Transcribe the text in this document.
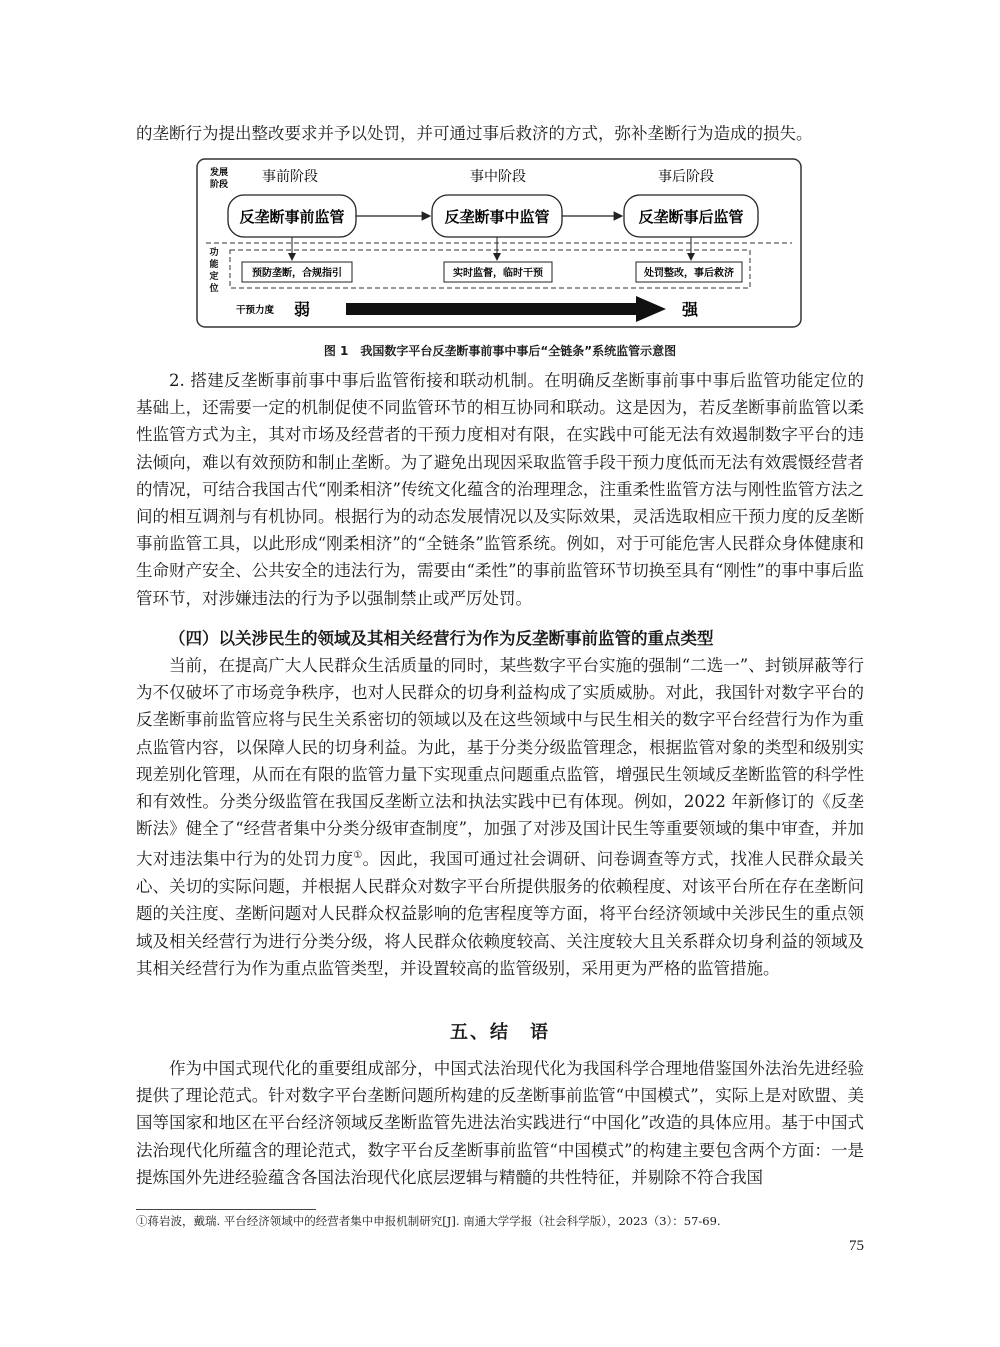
的垄断行为提出整改要求并予以处罚，并可通过事后救济的方式，弥补垄断行为造成的损失。
发展
阶段 事前阶段	事中阶段	事后阶段
反垄断事前监管	反垄断事中监管	反垄断事后监管
功
能
定
位
预防垄断，合规指引	实时监督，临时干预	处罚整改，事后救济
干预力度 弱	强
图 1　我国数字平台反垄断事前事中事后“全链条”系统监管示意图
2. 搭建反垄断事前事中事后监管衔接和联动机制。在明确反垄断事前事中事后监管功能定位的基础上，还需要一定的机制促使不同监管环节的相互协同和联动。这是因为，若反垄断事前监管以柔性监管方式为主，其对市场及经营者的干预力度相对有限，在实践中可能无法有效遏制数字平台的违法倾向，难以有效预防和制止垄断。为了避免出现因采取监管手段干预力度低而无法有效震慑经营者的情况，可结合我国古代“刚柔相济”传统文化蕴含的治理理念，注重柔性监管方法与刚性监管方法之间的相互调剂与有机协同。根据行为的动态发展情况以及实际效果，灵活选取相应干预力度的反垄断事前监管工具，以此形成“刚柔相济”的“全链条”监管系统。例如，对于可能危害人民群众身体健康和生命财产安全、公共安全的违法行为，需要由“柔性”的事前监管环节切换至具有“刚性”的事中事后监管环节，对涉嫌违法的行为予以强制禁止或严厉处罚。
（四）以关涉民生的领域及其相关经营行为作为反垄断事前监管的重点类型
当前，在提高广大人民群众生活质量的同时，某些数字平台实施的强制“二选一”、封锁屏蔽等行为不仅破坏了市场竞争秩序，也对人民群众的切身利益构成了实质威胁。对此，我国针对数字平台的反垄断事前监管应将与民生关系密切的领域以及在这些领域中与民生相关的数字平台经营行为作为重点监管内容，以保障人民的切身利益。为此，基于分类分级监管理念，根据监管对象的类型和级别实现差别化管理，从而在有限的监管力量下实现重点问题重点监管，增强民生领域反垄断监管的科学性和有效性。分类分级监管在我国反垄断立法和执法实践中已有体现。例如，2022 年新修订的《反垄断法》健全了“经营者集中分类分级审查制度”，加强了对涉及国计民生等重要领域的集中审查，并加大对违法集中行为的处罚力度①。因此，我国可通过社会调研、问卷调查等方式，找准人民群众最关心、关切的实际问题，并根据人民群众对数字平台所提供服务的依赖程度、对该平台所在存在垄断问题的关注度、垄断问题对人民群众权益影响的危害程度等方面，将平台经济领域中关涉民生的重点领域及相关经营行为进行分类分级，将人民群众依赖度较高、关注度较大且关系群众切身利益的领域及其相关经营行为作为重点监管类型，并设置较高的监管级别，采用更为严格的监管措施。
五、结　语
作为中国式现代化的重要组成部分，中国式法治现代化为我国科学合理地借鉴国外法治先进经验提供了理论范式。针对数字平台垄断问题所构建的反垄断事前监管“中国模式”，实际上是对欧盟、美国等国家和地区在平台经济领域反垄断监管先进法治实践进行“中国化”改造的具体应用。基于中国式法治现代化所蕴含的理论范式，数字平台反垄断事前监管“中国模式”的构建主要包含两个方面：一是提炼国外先进经验蕴含各国法治现代化底层逻辑与精髓的共性特征，并剔除不符合我国
①蒋岩波，戴瑞. 平台经济领域中的经营者集中申报机制研究[J]. 南通大学学报（社会科学版），2023（3）：57-69.
75
